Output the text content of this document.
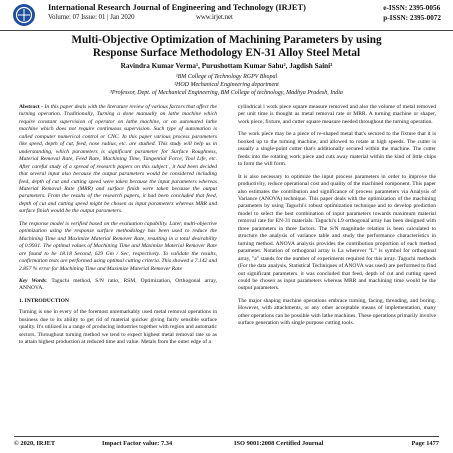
International Research Journal of Engineering and Technology (IRJET)
Volume: 07 Issue: 01 | Jan 2020	www.irjet.net
e-ISSN: 2395-0056
p-ISSN: 2395-0072
Multi-Objective Optimization of Machining Parameters by using
Response Surface Methodology EN-31 Alloy Steel Metal
Ravindra Kumar Verma¹, Purushottam Kumar Sahu², Jagdish Saini³
¹BM College of Technology RGPV Bhopal
²HOD Mechanical Engineering department
³Professor, Dept. of Mechanical Engineering, BM College of technology, Madhya Pradesh, India

Abstract - In this paper deals with the literature review of various factors that affect the turning operation. Traditionally, Turning a done manually on lathe machine which require constant supervision of operator on lathe machine, or on automated lathe machine which does not require continuous supervision. Such type of automation is called computer numerical control or CNC. In this paper various process parameters like speed, depth of cut, feed, nose radius, etc. are studied. This study will help us in understanding, which parameters is significant parameter for Surface Roughness, Material Removal Rate, Feed Rate, Machining Time, Tangential Force, Tool Life, etc. After careful study of a spread of research papers on this subject , it had been decided that several input also because the output parameters would be considered including feed, depth of cut and cutting speed were taken because the input parameters whereas Material Removal Rate (MRR) and surface finish were taken because the output parameters. From the results of the research papers, it had been concluded that feed, depth of cut and cutting speed might be chosen as input parameters whereas MRR and surface finish would be the output parameters.

The response model is verified based on the evaluation capability. Later, multi-objective optimization using the response surface methodology has been used to reduce the Machining Time and Maximize Material Remover Rate, resulting in a total desirability of 0.9931. The optimal values of Machining Time and Maximize Material Remover Rate are found to be 18.18 Second, 629 Gm / Sec, respectively. To validate the results, confirmation tests are performed using optimal cutting criteria. This showed a 7.142 and 2.857 % error for Machining Time and Maximize Material Remover Rate

Key Words: Taguchi method, S/N ratio, RSM, Optimization, Orthogonal array, ANNOVA.

1. INTRODUCTION

Turning is one in every of the foremost unremarkably used metal removal operations in business due to its ability to get rid of material quicker giving fairly sensible surface quality. It's utilized in a range of producing industries together with region and automatic sectors. Throughout turning method we tend to expect highest metal removal rate so as to attain highest production at reduced time and value. Metals from the outer edge of a

cylindrical l work piece square measure removed and also the volume of metal removed per unit time is thought as metal removal rate or MRR. A turning machine or shaper, work piece, fixture, and cutter square measure needed throughout the turning operation.

The work piece may be a piece of re-shaped metal that's secured to the fixture that it is hooked up to the turning machine, and allowed to rotate at high speeds. The cutter is usually a single-point cutter that's additionally secured within the machine. The cutter feeds into the rotating work piece and cuts away material within the kind of little chips to form the will form.

It is also necessary to optimize the input process parameters in order to improve the productivity, reduce operational cost and quality of the machined component. This paper also estimates the contribution and significance of process parameters via Analysis of Variance (ANOVA) technique. This paper deals with the optimization of the machining parameters by using Taguchi's robust optimization technique and to develop prediction model to select the best combination of input parameters towards maximum material removal rate for EN-31 materials. Taguchi's L9 orthogonal array has been designed with three parameters in three factors. The S/N magnitude relation is been calculated to structure the analysis of variance table and study the performance characteristics in turning method. ANOVA analysis provides the contribution proportion of each method parameter. Notation of orthogonal array is La wherever "L" is symbol for orthogonal array, "a" stands for the number of experiments required for this array. Taguchi methods (For the data analysis, Statistical Techniques of ANOVA was used) are performed to find out significant parameters. it was concluded that feed, depth of cut and cutting speed could be chosen as input parameters whereas MRR and machining time would be the output parameters.

The major shaping machine operations embrace turning, facing, threading, and boring. However, with attachments, or any other acceptable means of implementation, many other operations can be possible with lathe machines. These operations primarily involve surface generation with single purpose cutting tools.

© 2020, IRJET	Impact Factor value: 7.34	ISO 9001:2008 Certified Journal	Page 1477
